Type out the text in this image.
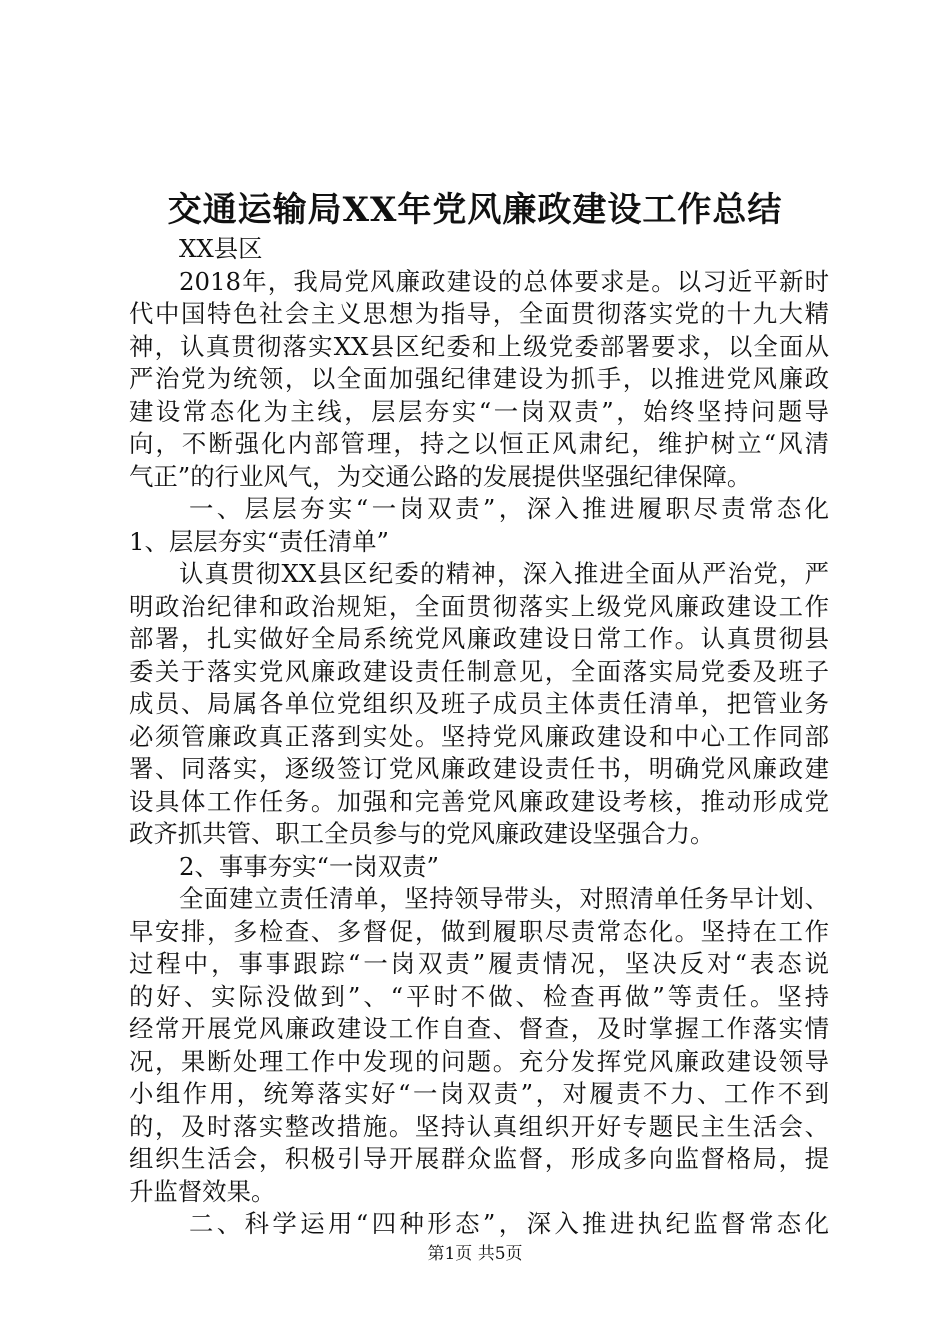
交通运输局XX年党风廉政建设工作总结
XX县区
2018年，我局党风廉政建设的总体要求是。以习近平新时
代中国特色社会主义思想为指导，全面贯彻落实党的十九大精
神，认真贯彻落实XX县区纪委和上级党委部署要求，以全面从
严治党为统领，以全面加强纪律建设为抓手，以推进党风廉政
建设常态化为主线，层层夯实“一岗双责”，始终坚持问题导
向，不断强化内部管理，持之以恒正风肃纪，维护树立“风清
气正”的行业风气，为交通公路的发展提供坚强纪律保障。
一、层层夯实“一岗双责”，深入推进履职尽责常态化
1、层层夯实“责任清单”
认真贯彻XX县区纪委的精神，深入推进全面从严治党，严
明政治纪律和政治规矩，全面贯彻落实上级党风廉政建设工作
部署，扎实做好全局系统党风廉政建设日常工作。认真贯彻县
委关于落实党风廉政建设责任制意见，全面落实局党委及班子
成员、局属各单位党组织及班子成员主体责任清单，把管业务
必须管廉政真正落到实处。坚持党风廉政建设和中心工作同部
署、同落实，逐级签订党风廉政建设责任书，明确党风廉政建
设具体工作任务。加强和完善党风廉政建设考核，推动形成党
政齐抓共管、职工全员参与的党风廉政建设坚强合力。
2、事事夯实“一岗双责”
全面建立责任清单，坚持领导带头，对照清单任务早计划、
早安排，多检查、多督促，做到履职尽责常态化。坚持在工作
过程中，事事跟踪“一岗双责”履责情况，坚决反对“表态说
的好、实际没做到”、“平时不做、检查再做”等责任。坚持
经常开展党风廉政建设工作自查、督查，及时掌握工作落实情
况，果断处理工作中发现的问题。充分发挥党风廉政建设领导
小组作用，统筹落实好“一岗双责”，对履责不力、工作不到
的，及时落实整改措施。坚持认真组织开好专题民主生活会、
组织生活会，积极引导开展群众监督，形成多向监督格局，提
升监督效果。
二、科学运用“四种形态”，深入推进执纪监督常态化
第1页 共5页
